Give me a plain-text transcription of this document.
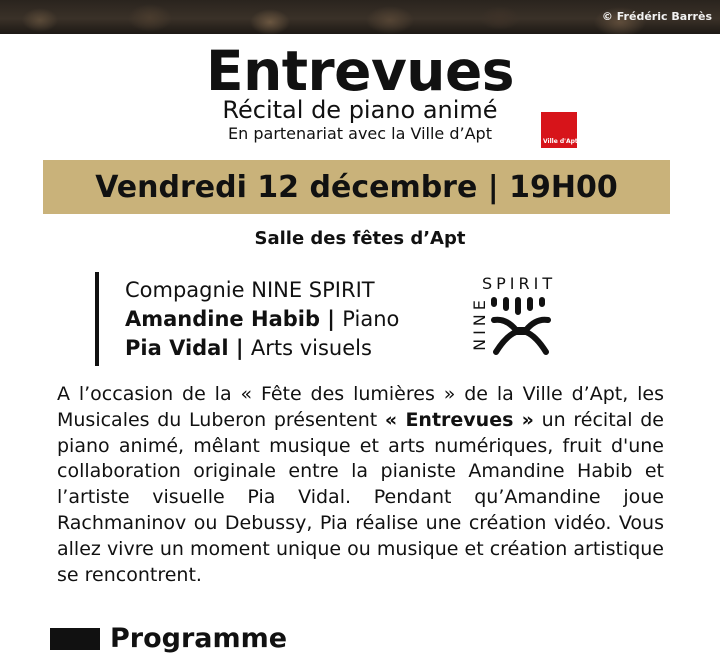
© Frédéric Barrès
Entrevues
Récital de piano animé
En partenariat avec la Ville d’Apt	Ville d'Apt
Vendredi 12 décembre | 19H00
Salle des fêtes d’Apt
Compagnie NINE SPIRIT
Amandine Habib | Piano
Pia Vidal | Arts visuels
SPIRIT
NINE
A l’occasion de la « Fête des lumières » de la Ville d’Apt, les Musicales du Luberon présentent « Entrevues » un récital de piano animé, mêlant musique et arts numériques, fruit d'une collaboration originale entre la pianiste Amandine Habib et l’artiste visuelle Pia Vidal. Pendant qu’Amandine joue Rachmaninov ou Debussy, Pia réalise une création vidéo. Vous allez vivre un moment unique ou musique et création artistique se rencontrent.
Programme
